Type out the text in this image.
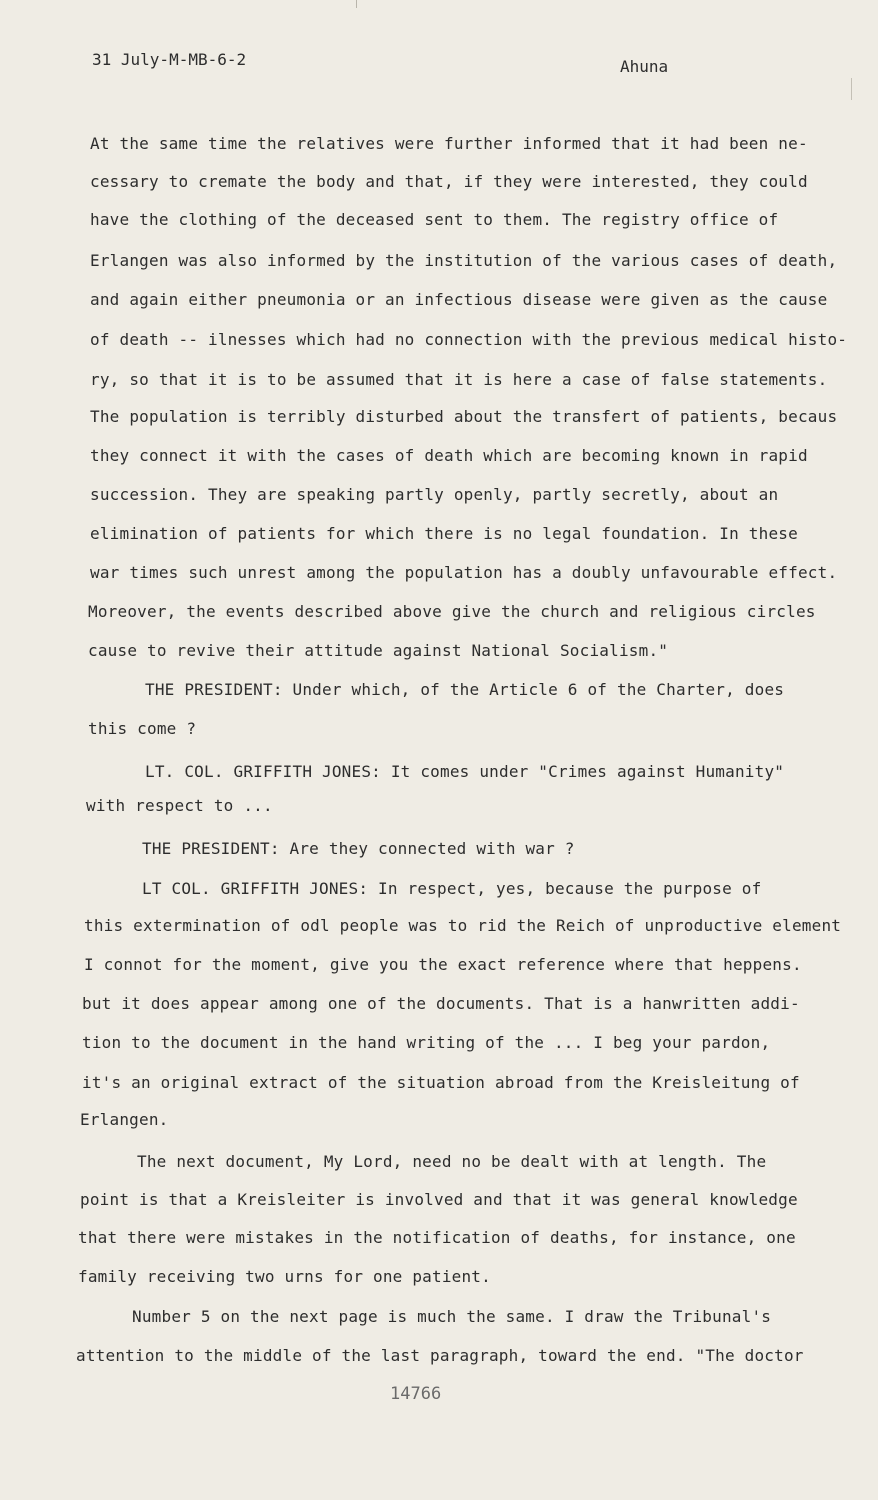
31 July-M-MB-6-2	Ahuna
At the same time the relatives were further informed that it had been ne-
cessary to cremate the body and that, if they were interested, they could
have the clothing of the deceased sent to them. The registry office of
Erlangen was also informed by the institution of the various cases of death,
and again either pneumonia or an infectious disease were given as the cause
of death -- ilnesses which had no connection with the previous medical histo-
ry, so that it is to be assumed that it is here a case of false statements.
The population is terribly disturbed about the transfert of patients, becaus
they connect it with the cases of death which are becoming known in rapid
succession. They are speaking partly openly, partly secretly, about an
elimination of patients for which there is no legal foundation. In these
war times such unrest among the population has a doubly unfavourable effect.
Moreover, the events described above give the church and religious circles
cause to revive their attitude against National Socialism."
THE PRESIDENT: Under which, of the Article 6 of the Charter, does
this come ?
LT. COL. GRIFFITH JONES: It comes under "Crimes against Humanity"
with respect to ...
THE PRESIDENT: Are they connected with war ?
LT COL. GRIFFITH JONES: In respect, yes, because the purpose of
this extermination of odl people was to rid the Reich of unproductive element
I connot for the moment, give you the exact reference where that heppens.
but it does appear among one of the documents. That is a hanwritten addi-
tion to the document in the hand writing of the ... I beg your pardon,
it's an original extract of the situation abroad from the Kreisleitung of
Erlangen.
The next document, My Lord, need no be dealt with at length. The
point is that a Kreisleiter is involved and that it was general knowledge
that there were mistakes in the notification of deaths, for instance, one
family receiving two urns for one patient.
Number 5 on the next page is much the same. I draw the Tribunal's
attention to the middle of the last paragraph, toward the end. "The doctor
14766
